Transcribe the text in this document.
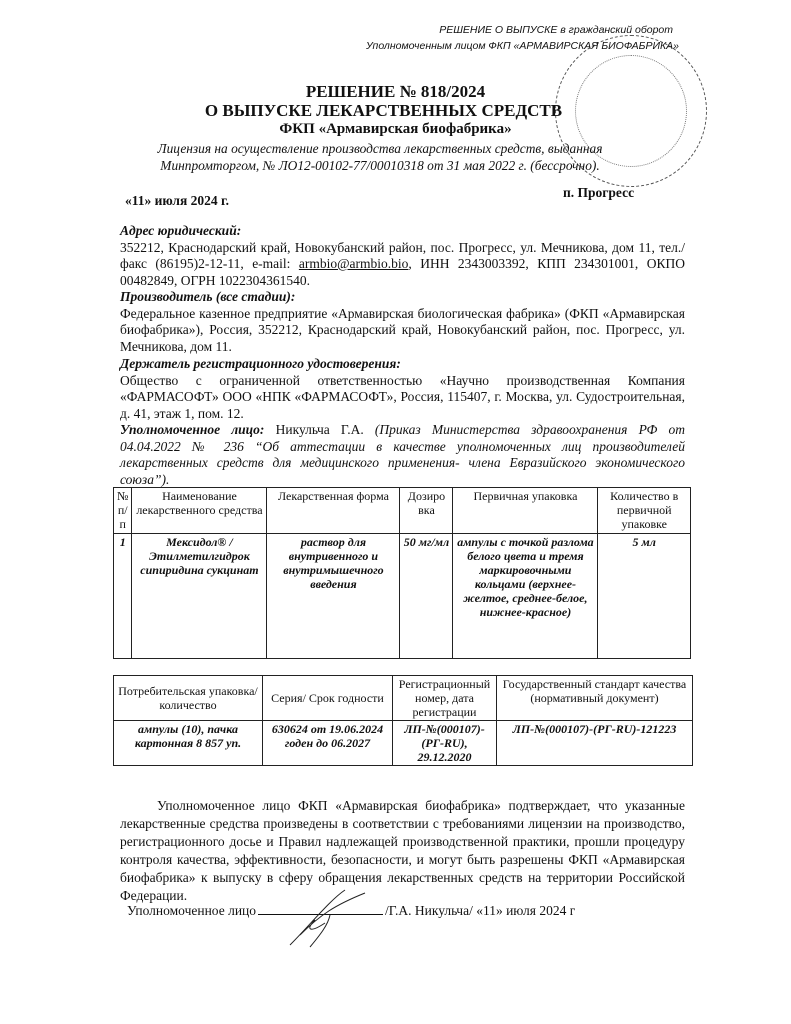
РЕШЕНИЕ О ВЫПУСКЕ в гражданский оборот
Уполномоченным лицом ФКП «АРМАВИРСКАЯ БИОФАБРИКА»
РЕШЕНИЕ № 818/2024
О ВЫПУСКЕ ЛЕКАРСТВЕННЫХ СРЕДСТВ
ФКП «Армавирская биофабрика»
Лицензия на осуществление производства лекарственных средств, выданная Минпромторгом, № ЛО12-00102-77/00010318 от 31 мая 2022 г. (бессрочно).
«11» июля 2024 г.
п. Прогресс
Адрес юридический:
352212, Краснодарский край, Новокубанский район, пос. Прогресс, ул. Мечникова, дом 11, тел./факс (86195)2-12-11, e-mail: armbio@armbio.bio, ИНН 2343003392, КПП 234301001, ОКПО 00482849, ОГРН 1022304361540.
Производитель (все стадии):
Федеральное казенное предприятие «Армавирская биологическая фабрика» (ФКП «Армавирская биофабрика»), Россия, 352212, Краснодарский край, Новокубанский район, пос. Прогресс, ул. Мечникова, дом 11.
Держатель регистрационного удостоверения:
Общество с ограниченной ответственностью «Научно производственная Компания «ФАРМАСОФТ» ООО «НПК «ФАРМАСОФТ», Россия, 115407, г. Москва, ул. Судостроительная, д. 41, этаж 1, пом. 12.
Уполномоченное лицо: Никульча Г.А. (Приказ Министерства здравоохранения РФ от 04.04.2022 № 236 “Об аттестации в качестве уполномоченных лиц производителей лекарственных средств для медицинского применения- члена Евразийского экономического союза”).
№ п/ п	Наименование лекарственного средства	Лекарственная форма	Дозиро вка	Первичная упаковка	Количество в первичной упаковке
1	Мексидол® / Этилметилгидрок сипиридина сукцинат	раствор для внутривенного и внутримышечного введения	50 мг/мл	ампулы с точкой разлома белого цвета и тремя маркировочными кольцами (верхнее-желтое, среднее-белое, нижнее-красное)	5 мл
Потребительская упаковка/количество	Серия/ Срок годности	Регистрационный номер, дата регистрации	Государственный стандарт качества (нормативный документ)
ампулы (10), пачка картонная 8 857 уп.	630624 от 19.06.2024 годен до 06.2027	ЛП-№(000107)-(РГ-RU), 29.12.2020	ЛП-№(000107)-(РГ-RU)-121223
Уполномоченное лицо ФКП «Армавирская биофабрика» подтверждает, что указанные лекарственные средства произведены в соответствии с требованиями лицензии на производство, регистрационного досье и Правил надлежащей производственной практики, прошли процедуру контроля качества, эффективности, безопасности, и могут быть разрешены ФКП «Армавирская биофабрика» к выпуску в сферу обращения лекарственных средств на территории Российской Федерации.
Уполномоченное лицо	/Г.А. Никульча/ «11» июля 2024 г
